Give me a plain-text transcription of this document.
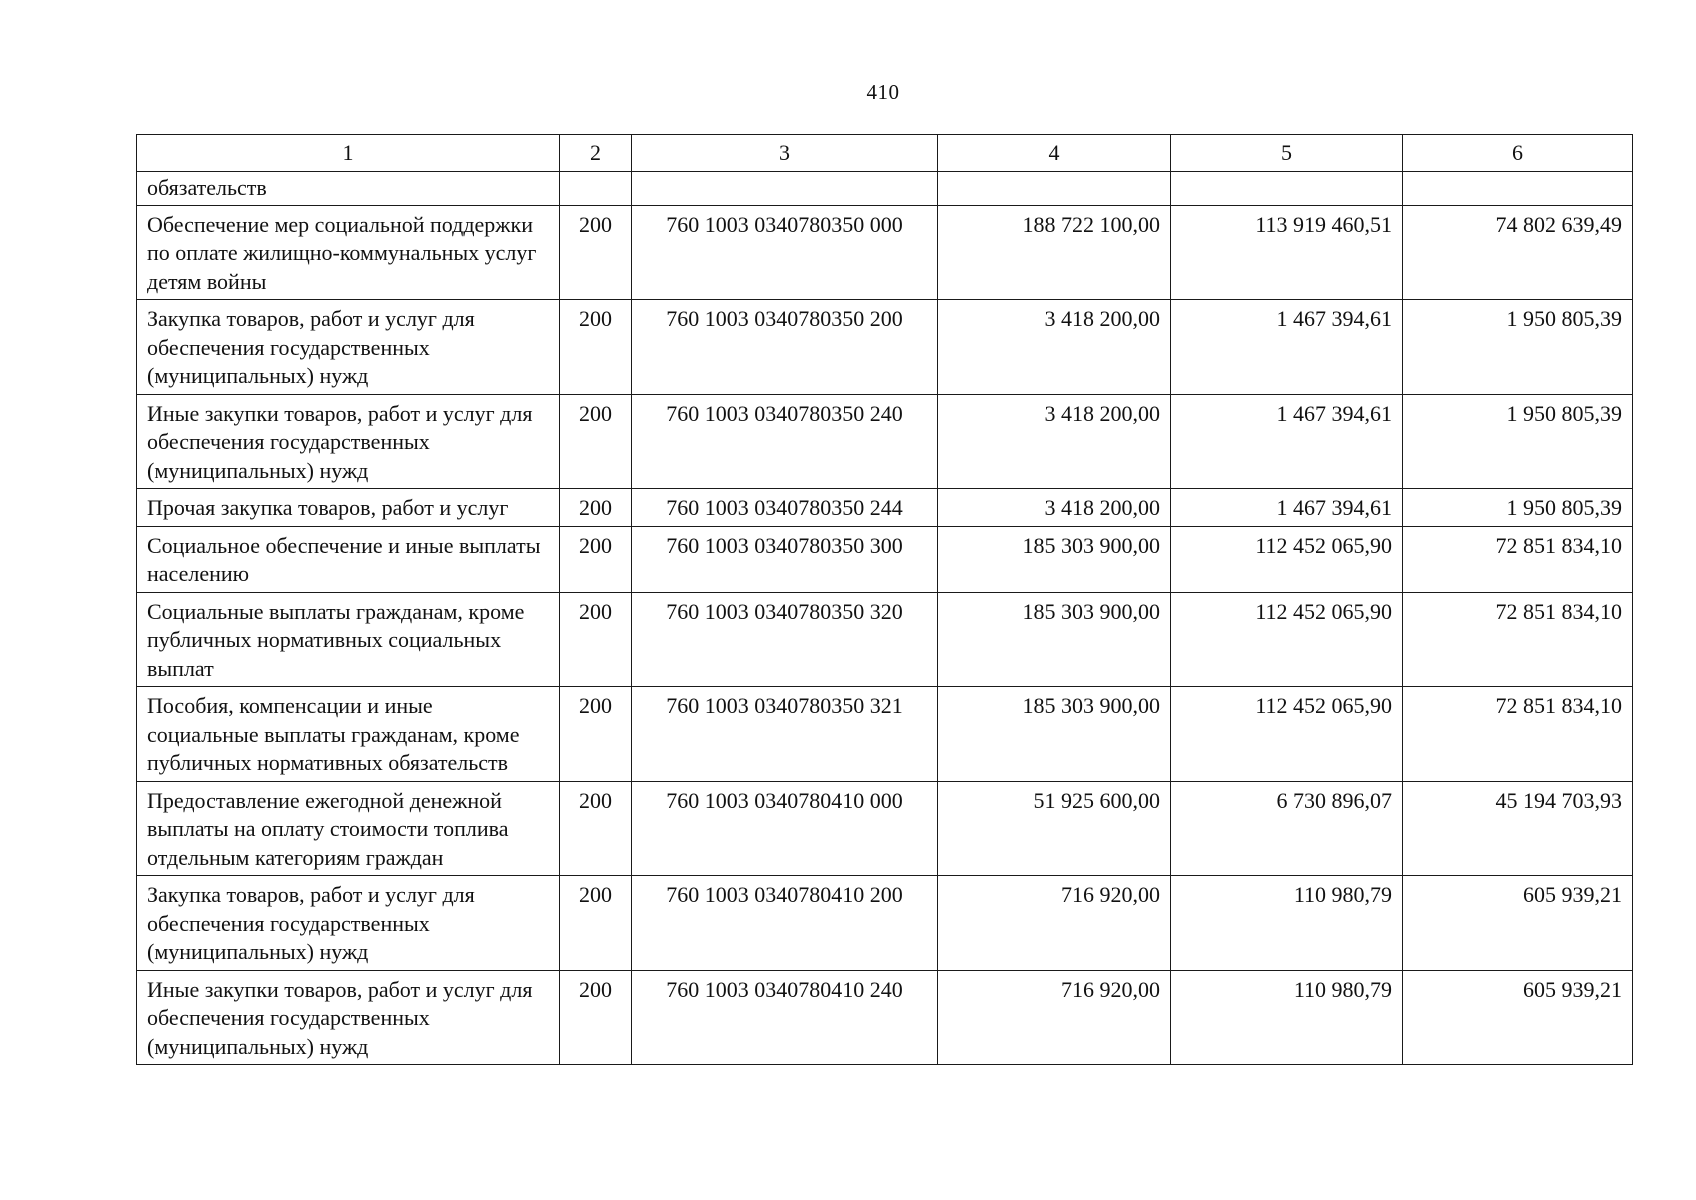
410
1	2	3	4	5	6
обязательств					
Обеспечение мер социальной поддержки по оплате жилищно-коммунальных услуг детям войны	200	760 1003 0340780350 000	188 722 100,00	113 919 460,51	74 802 639,49
Закупка товаров, работ и услуг для обеспечения государственных (муниципальных) нужд	200	760 1003 0340780350 200	3 418 200,00	1 467 394,61	1 950 805,39
Иные закупки товаров, работ и услуг для обеспечения государственных (муниципальных) нужд	200	760 1003 0340780350 240	3 418 200,00	1 467 394,61	1 950 805,39
Прочая закупка товаров, работ и услуг	200	760 1003 0340780350 244	3 418 200,00	1 467 394,61	1 950 805,39
Социальное обеспечение и иные выплаты населению	200	760 1003 0340780350 300	185 303 900,00	112 452 065,90	72 851 834,10
Социальные выплаты гражданам, кроме публичных нормативных социальных выплат	200	760 1003 0340780350 320	185 303 900,00	112 452 065,90	72 851 834,10
Пособия, компенсации и иные социальные выплаты гражданам, кроме публичных нормативных обязательств	200	760 1003 0340780350 321	185 303 900,00	112 452 065,90	72 851 834,10
Предоставление ежегодной денежной выплаты на оплату стоимости топлива отдельным категориям граждан	200	760 1003 0340780410 000	51 925 600,00	6 730 896,07	45 194 703,93
Закупка товаров, работ и услуг для обеспечения государственных (муниципальных) нужд	200	760 1003 0340780410 200	716 920,00	110 980,79	605 939,21
Иные закупки товаров, работ и услуг для обеспечения государственных (муниципальных) нужд	200	760 1003 0340780410 240	716 920,00	110 980,79	605 939,21
